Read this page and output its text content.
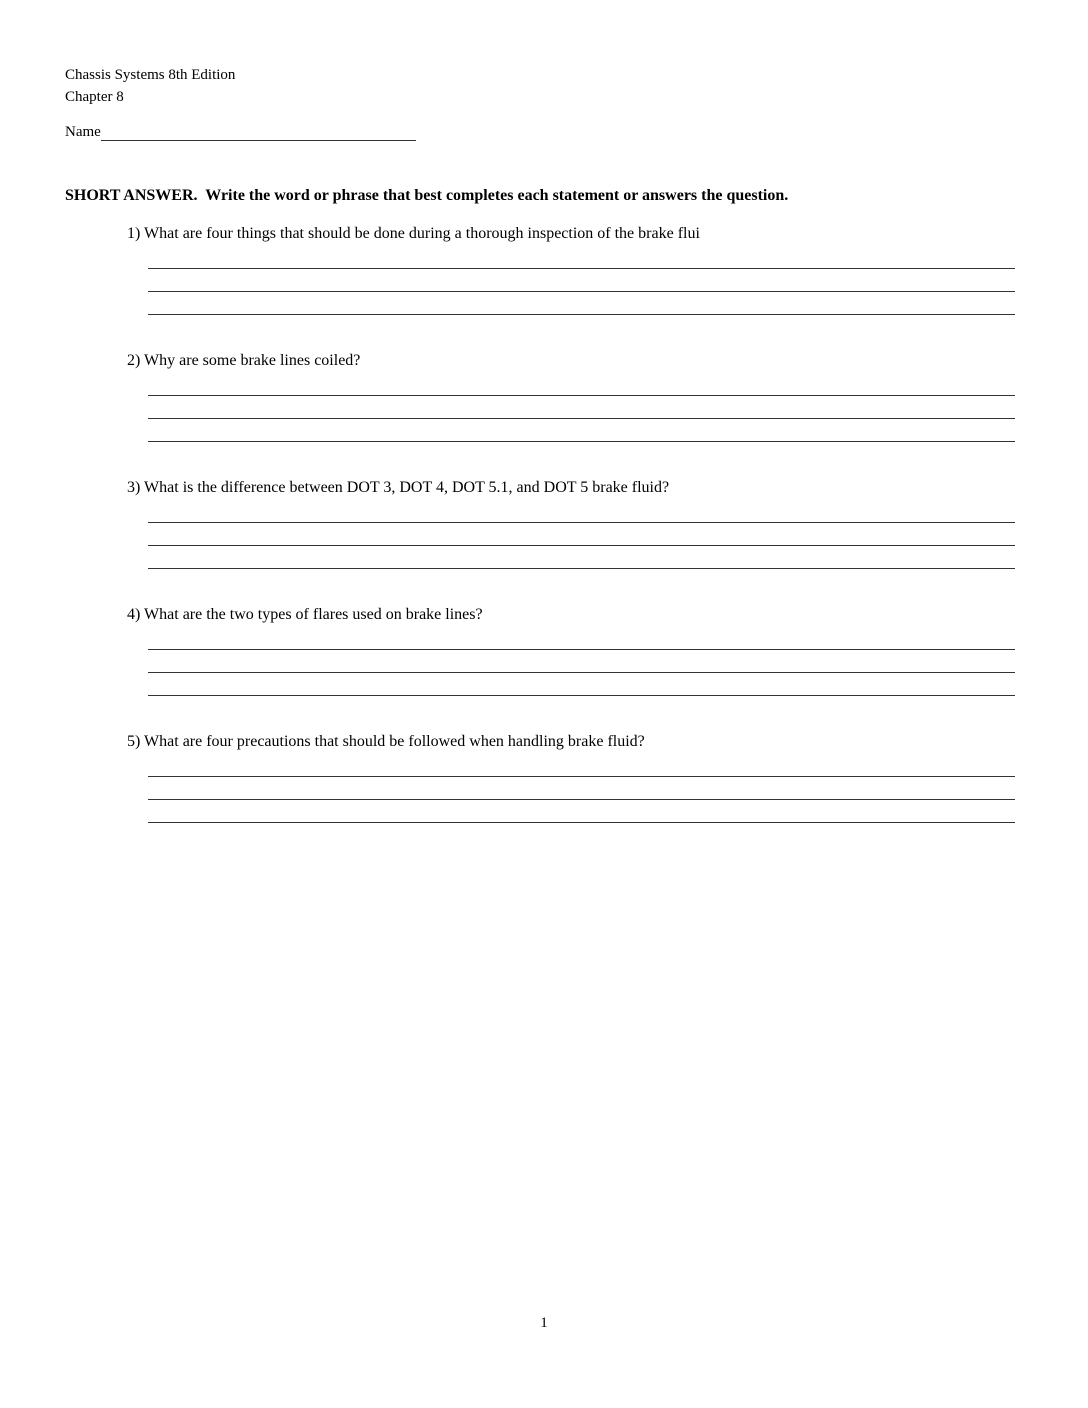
Chassis Systems 8th Edition
Chapter 8
Name
SHORT ANSWER.  Write the word or phrase that best completes each statement or answers the question.
1) What are four things that should be done during a thorough inspection of the brake flui
2) Why are some brake lines coiled?
3) What is the difference between DOT 3, DOT 4, DOT 5.1, and DOT 5 brake fluid?
4) What are the two types of flares used on brake lines?
5) What are four precautions that should be followed when handling brake fluid?
1
